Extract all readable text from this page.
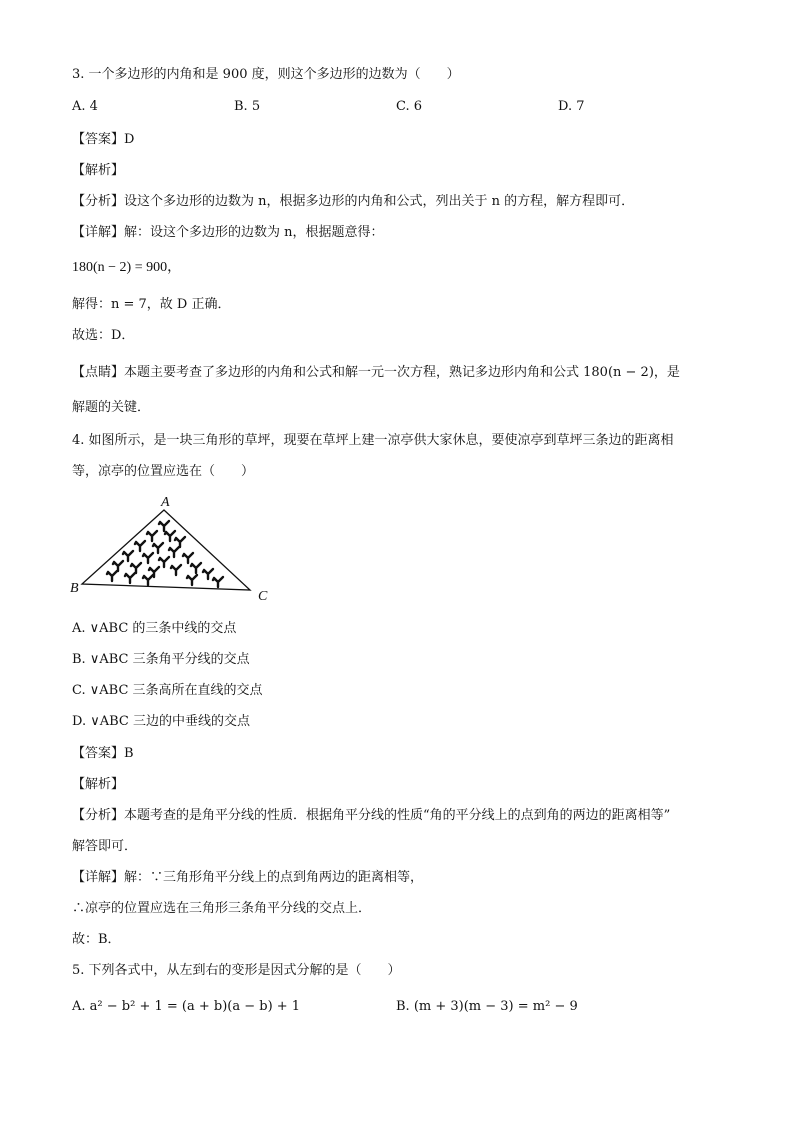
3. 一个多边形的内角和是 900 度，则这个多边形的边数为（　　）
A. 4	B. 5	C. 6	D. 7
【答案】D
【解析】
【分析】设这个多边形的边数为 n，根据多边形的内角和公式，列出关于 n 的方程，解方程即可．
【详解】解：设这个多边形的边数为 n，根据题意得：
180(n − 2) = 900，
解得：n = 7，故 D 正确．
故选：D．
【点睛】本题主要考查了多边形的内角和公式和解一元一次方程，熟记多边形内角和公式 180(n − 2)，是
解题的关键．
4. 如图所示，是一块三角形的草坪，现要在草坪上建一凉亭供大家休息，要使凉亭到草坪三条边的距离相
等，凉亭的位置应选在（　　）
A
B
C
A. ∨ABC 的三条中线的交点
B. ∨ABC 三条角平分线的交点
C. ∨ABC 三条高所在直线的交点
D. ∨ABC 三边的中垂线的交点
【答案】B
【解析】
【分析】本题考查的是角平分线的性质．根据角平分线的性质“角的平分线上的点到角的两边的距离相等”
解答即可．
【详解】解：∵三角形角平分线上的点到角两边的距离相等，
∴凉亭的位置应选在三角形三条角平分线的交点上．
故：B．
5. 下列各式中，从左到右的变形是因式分解的是（　　）
A. a² − b² + 1 = (a + b)(a − b) + 1	B. (m + 3)(m − 3) = m² − 9
